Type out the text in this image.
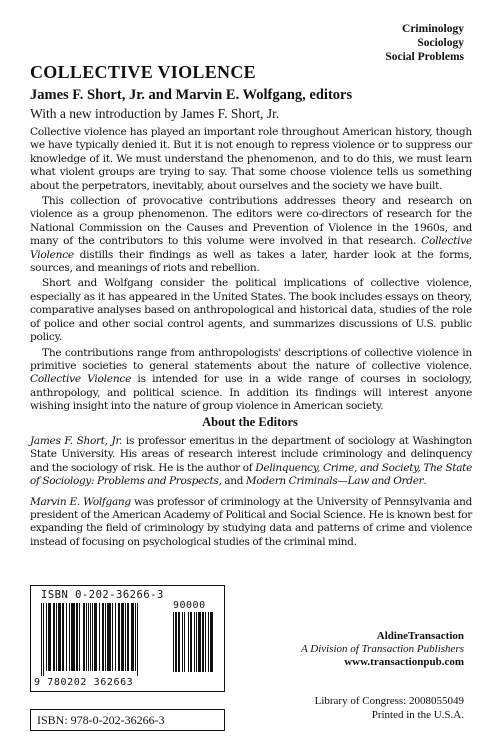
Criminology
Sociology
Social Problems
COLLECTIVE VIOLENCE
James F. Short, Jr. and Marvin E. Wolfgang, editors
With a new introduction by James F. Short, Jr.

Collective violence has played an important role throughout American history, though we have typically denied it. But it is not enough to repress violence or to suppress our knowledge of it. We must understand the phenomenon, and to do this, we must learn what violent groups are trying to say. That some choose violence tells us something about the perpetrators, inevitably, about ourselves and the society we have built.

This collection of provocative contributions addresses theory and research on violence as a group phenomenon. The editors were co-directors of research for the National Commission on the Causes and Prevention of Violence in the 1960s, and many of the contributors to this volume were involved in that research. Collective Violence distills their findings as well as takes a later, harder look at the forms, sources, and meanings of riots and rebellion.

Short and Wolfgang consider the political implications of collective violence, especially as it has appeared in the United States. The book includes essays on theory, comparative analyses based on anthropological and historical data, studies of the role of police and other social control agents, and summarizes discussions of U.S. public policy.

The contributions range from anthropologists' descriptions of collective violence in primitive societies to general statements about the nature of collective violence. Collective Violence is intended for use in a wide range of courses in sociology, anthropology, and political science. In addition its findings will interest anyone wishing insight into the nature of group violence in American society.

About the Editors

James F. Short, Jr. is professor emeritus in the department of sociology at Washington State University. His areas of research interest include criminology and delinquency and the sociology of risk. He is the author of Delinquency, Crime, and Society, The State of Sociology: Problems and Prospects, and Modern Criminals—Law and Order.

Marvin E. Wolfgang was professor of criminology at the University of Pennsylvania and president of the American Academy of Political and Social Science. He is known best for expanding the field of criminology by studying data and patterns of crime and violence instead of focusing on psychological studies of the criminal mind.

ISBN 0-202-36266-3
90000
9 780202 362663
ISBN: 978-0-202-36266-3
AldineTransaction
A Division of Transaction Publishers
www.transactionpub.com
Library of Congress: 2008055049
Printed in the U.S.A.
